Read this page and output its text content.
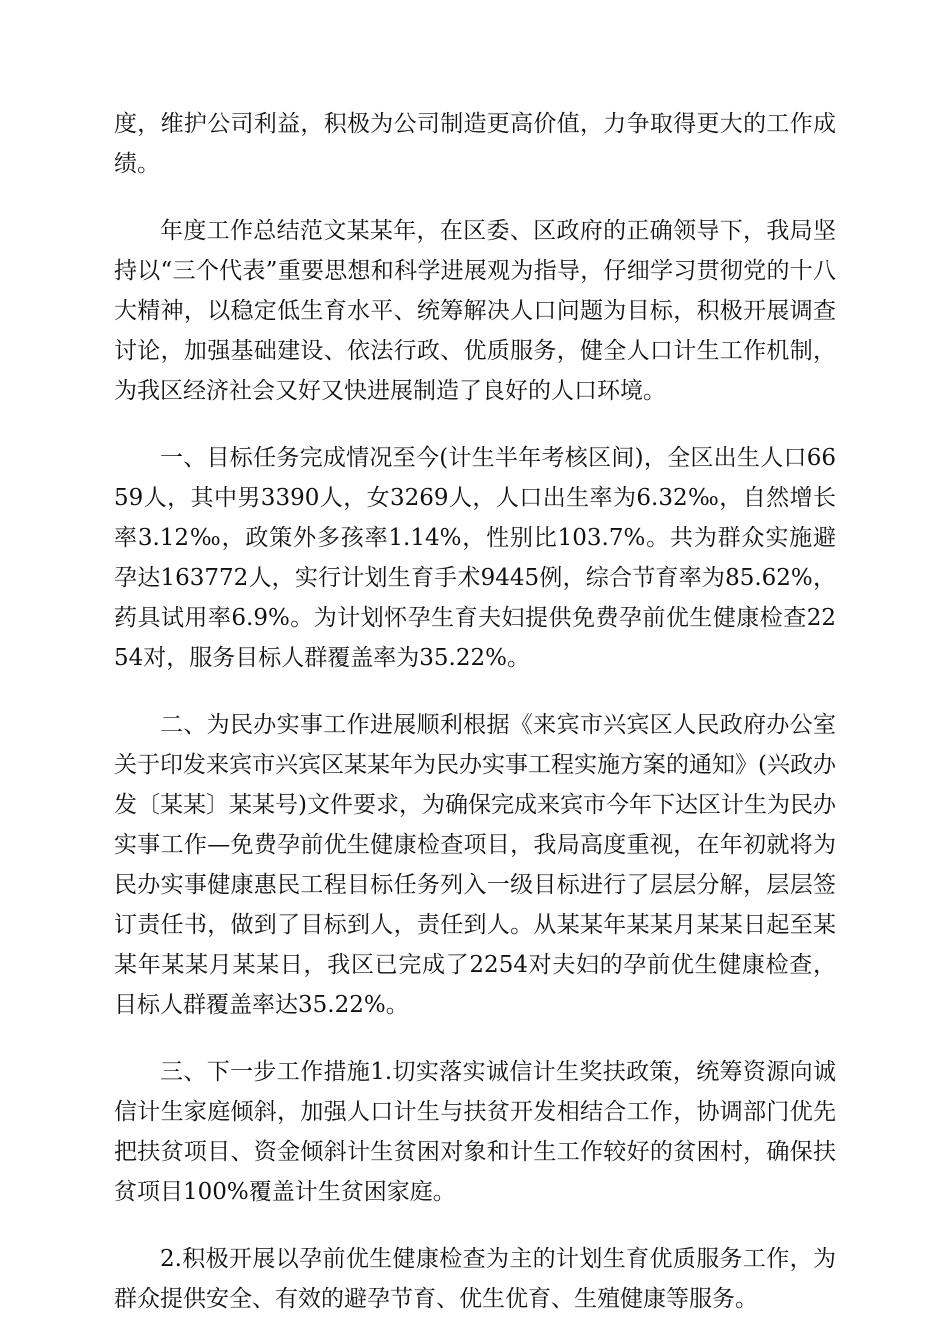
度，维护公司利益，积极为公司制造更高价值，力争取得更大的工作成绩。

年度工作总结范文某某年，在区委、区政府的正确领导下，我局坚持以“三个代表”重要思想和科学进展观为指导，仔细学习贯彻党的十八大精神，以稳定低生育水平、统筹解决人口问题为目标，积极开展调查讨论，加强基础建设、依法行政、优质服务，健全人口计生工作机制，为我区经济社会又好又快进展制造了良好的人口环境。

一、目标任务完成情况至今(计生半年考核区间)，全区出生人口6659人，其中男3390人，女3269人，人口出生率为6.32‰，自然增长率3.12‰，政策外多孩率1.14%，性别比103.7%。共为群众实施避孕达163772人，实行计划生育手术9445例，综合节育率为85.62%，药具试用率6.9%。为计划怀孕生育夫妇提供免费孕前优生健康检查2254对，服务目标人群覆盖率为35.22%。

二、为民办实事工作进展顺利根据《来宾市兴宾区人民政府办公室关于印发来宾市兴宾区某某年为民办实事工程实施方案的通知》(兴政办发〔某某〕某某号)文件要求，为确保完成来宾市今年下达区计生为民办实事工作—免费孕前优生健康检查项目，我局高度重视，在年初就将为民办实事健康惠民工程目标任务列入一级目标进行了层层分解，层层签订责任书，做到了目标到人，责任到人。从某某年某某月某某日起至某某年某某月某某日，我区已完成了2254对夫妇的孕前优生健康检查，目标人群覆盖率达35.22%。

三、下一步工作措施1.切实落实诚信计生奖扶政策，统筹资源向诚信计生家庭倾斜，加强人口计生与扶贫开发相结合工作，协调部门优先把扶贫项目、资金倾斜计生贫困对象和计生工作较好的贫困村，确保扶贫项目100%覆盖计生贫困家庭。

2.积极开展以孕前优生健康检查为主的计划生育优质服务工作，为群众提供安全、有效的避孕节育、优生优育、生殖健康等服务。
